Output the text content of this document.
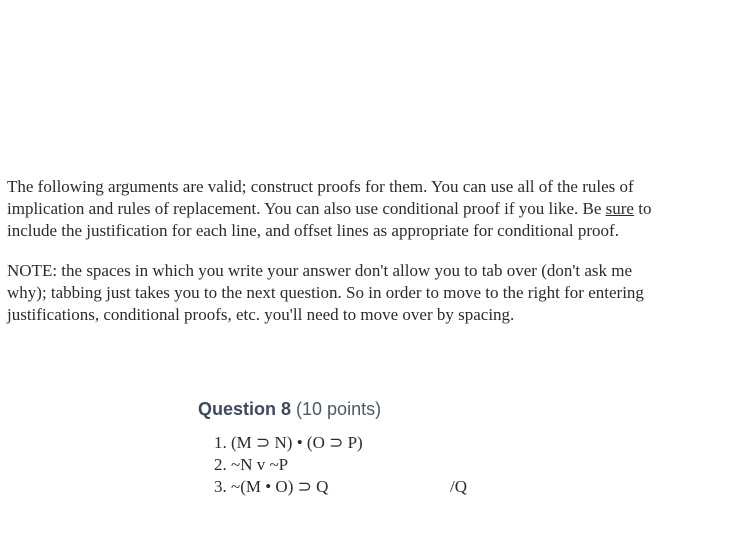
The following arguments are valid; construct proofs for them. You can use all of the rules of
implication and rules of replacement. You can also use conditional proof if you like. Be sure to
include the justification for each line, and offset lines as appropriate for conditional proof.

NOTE: the spaces in which you write your answer don't allow you to tab over (don't ask me
why); tabbing just takes you to the next question. So in order to move to the right for entering
justifications, conditional proofs, etc. you'll need to move over by spacing.

Question 8 (10 points)
1. (M ⊃ N) • (O ⊃ P)
2. ~N v ~P
3. ~(M • O) ⊃ Q	/Q
